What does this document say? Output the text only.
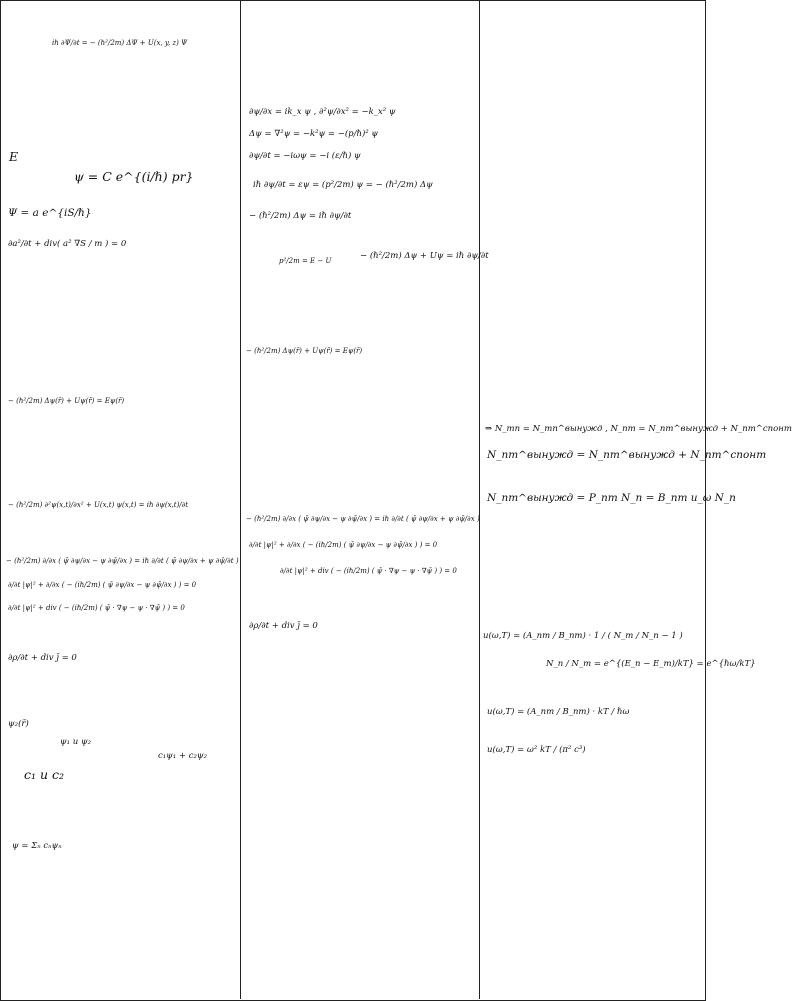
iℏ ∂Ψ/∂t = − (ℏ²/2m) ΔΨ + U(x, y, z) Ψ
E
ψ = C e^{(i/ℏ) pr}
Ψ = a e^{iS/ℏ}
∂a²/∂t + div( a² ∇S / m ) = 0
− (ℏ²/2m) Δψ(r̄) + Uψ(r̄) = Eψ(r̄)
− (ℏ²/2m) ∂²ψ(x,t)/∂x² + U(x,t) ψ(x,t) = iℏ ∂ψ(x,t)/∂t
− (ℏ²/2m) ∂/∂x ( ψ̄ ∂ψ/∂x − ψ ∂ψ̄/∂x ) = iℏ ∂/∂t ( ψ̄ ∂ψ/∂x + ψ ∂ψ̄/∂t )
∂/∂t |ψ|² + ∂/∂x ( − (iℏ/2m) ( ψ̄ ∂ψ/∂x − ψ ∂ψ̄/∂x ) ) = 0
∂/∂t |ψ|² + div ( − (iℏ/2m) ( ψ̄ · ∇ψ − ψ · ∇ψ̄ ) ) = 0
∂ρ/∂t + div j̄ = 0
ψ₂(r̄)
ψ₁ и ψ₂
c₁ψ₁ + c₂ψ₂
c₁ и c₂
ψ = Σₙ cₙψₙ
∂ψ/∂x = ik_x ψ , ∂²ψ/∂x² = −k_x² ψ
Δψ = ∇²ψ = −k²ψ = −(p/ℏ)² ψ
∂ψ/∂t = −iωψ = −i (ε/ℏ) ψ
iℏ ∂ψ/∂t = εψ = (p²/2m) ψ = − (ℏ²/2m) Δψ
− (ℏ²/2m) Δψ = iℏ ∂ψ/∂t
p²/2m = E − U	− (ℏ²/2m) Δψ + Uψ = iℏ ∂ψ/∂t
− (ℏ²/2m) Δψ(r̄) + Uψ(r̄) = Eψ(r̄)
− (ℏ²/2m) ∂/∂x ( ψ̄ ∂ψ/∂x − ψ ∂ψ̄/∂x ) = iℏ ∂/∂t ( ψ̄ ∂ψ/∂x + ψ ∂ψ̄/∂x )
∂/∂t |ψ|² + ∂/∂x ( − (iℏ/2m) ( ψ̄ ∂ψ/∂x − ψ ∂ψ̄/∂x ) ) = 0
∂/∂t |ψ|² + div ( − (iℏ/2m) ( ψ̄ · ∇ψ − ψ · ∇ψ̄ ) ) = 0
∂ρ/∂t + div j̄ = 0
⇒ N_mn = N_mn^вынужд , N_nm = N_nm^вынужд + N_nm^спонт
N_nm^вынужд = N_nm^вынужд + N_nm^спонт
N_nm^вынужд = P_nm N_n = B_nm u_ω N_n
u(ω,T) = (A_nm / B_nm) · 1 / ( N_m / N_n − 1 )
N_n / N_m = e^{(E_n − E_m)/kT} = e^{ℏω/kT}
u(ω,T) = (A_nm / B_nm) · kT / ℏω
u(ω,T) = ω² kT / (π² c³)
